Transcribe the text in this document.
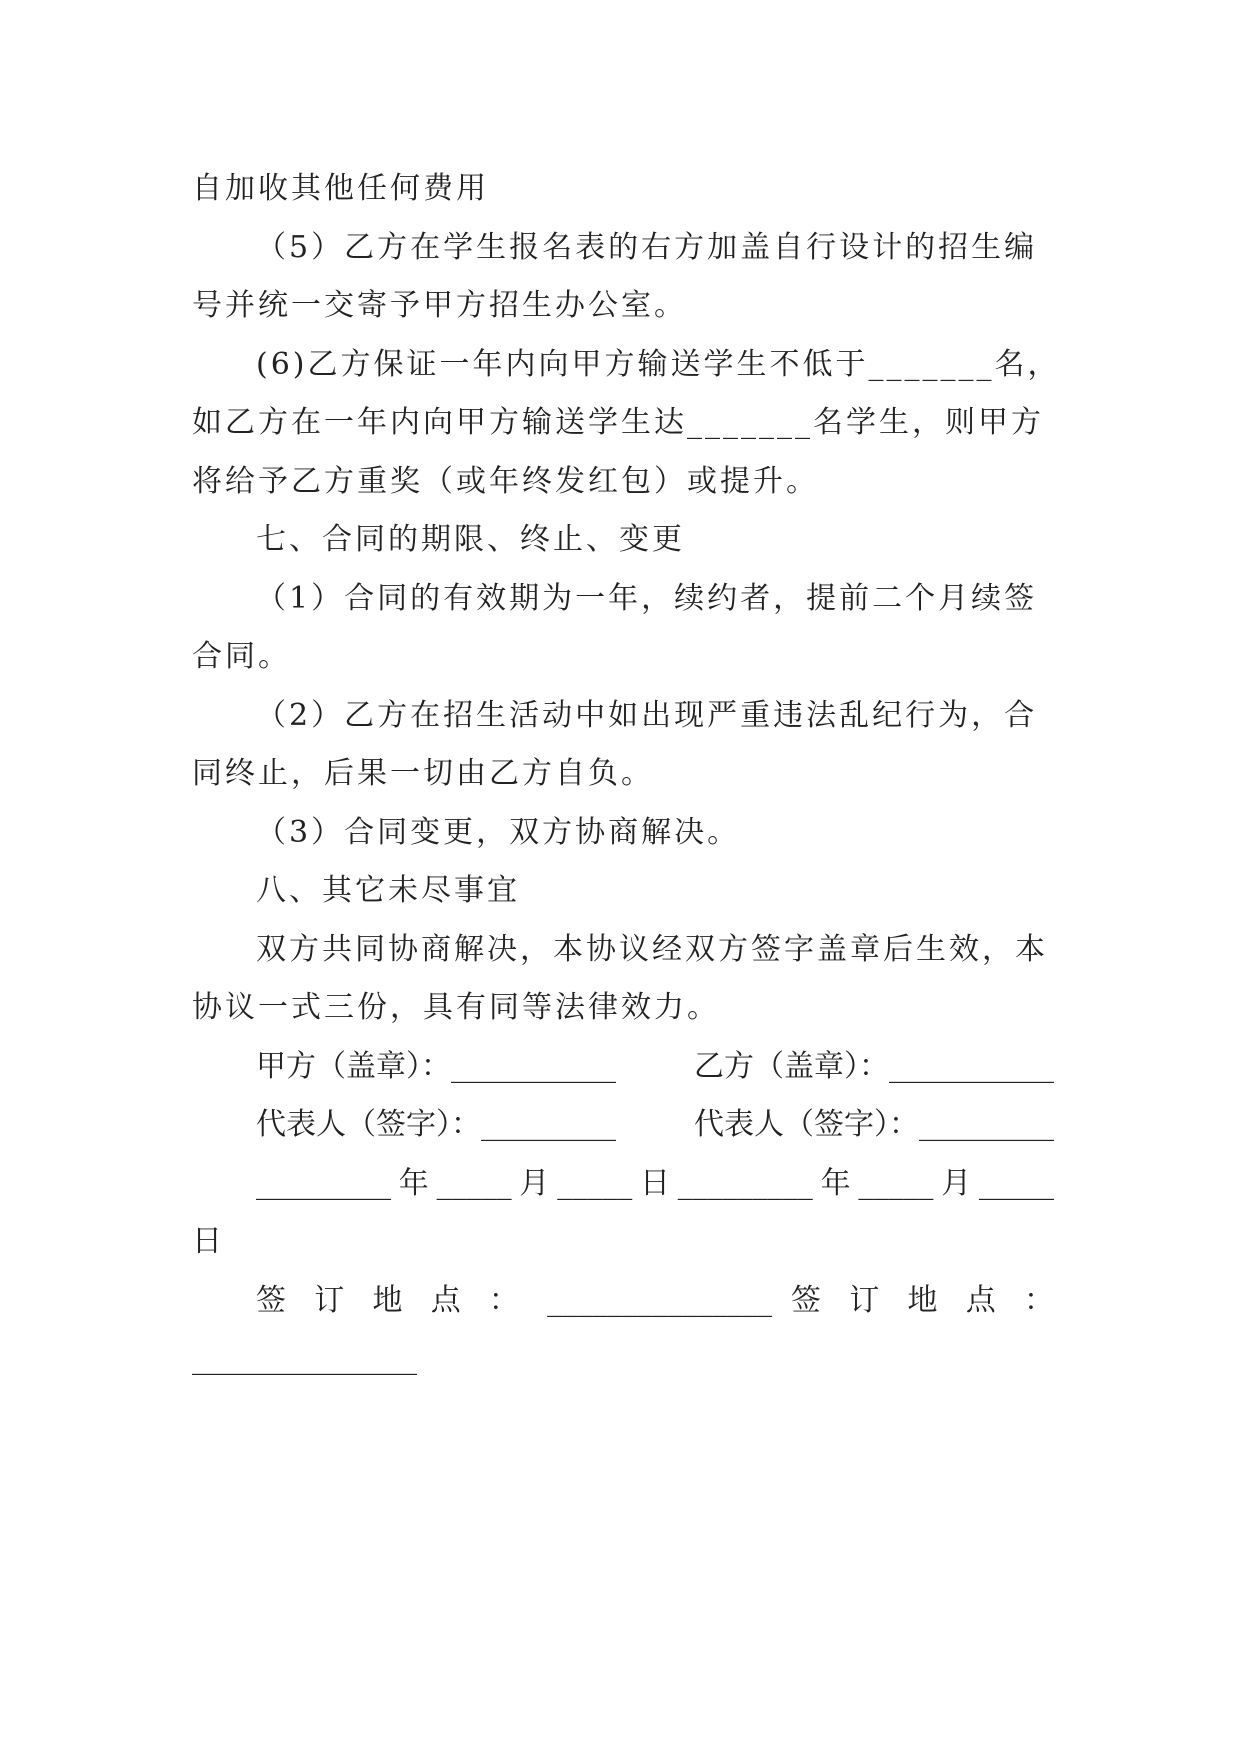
自加收其他任何费用
（5）乙方在学生报名表的右方加盖自行设计的招生编
号并统一交寄予甲方招生办公室。
(6)乙方保证一年内向甲方输送学生不低于_______名，
如乙方在一年内向甲方输送学生达_______名学生，则甲方
将给予乙方重奖（或年终发红包）或提升。
七、合同的期限、终止、变更
（1）合同的有效期为一年，续约者，提前二个月续签
合同。
（2）乙方在招生活动中如出现严重违法乱纪行为，合
同终止，后果一切由乙方自负。
（3）合同变更，双方协商解决。
八、其它未尽事宜
双方共同协商解决，本协议经双方签字盖章后生效，本
协议一式三份，具有同等法律效力。
甲方（盖章）：___________	乙方（盖章）：___________
代表人（签字）：_________	代表人（签字）：_________
_________年_____月_____日_________年_____月_____
日
签 订 地 点 ： _______________ 签 订 地 点 ：
_______________
